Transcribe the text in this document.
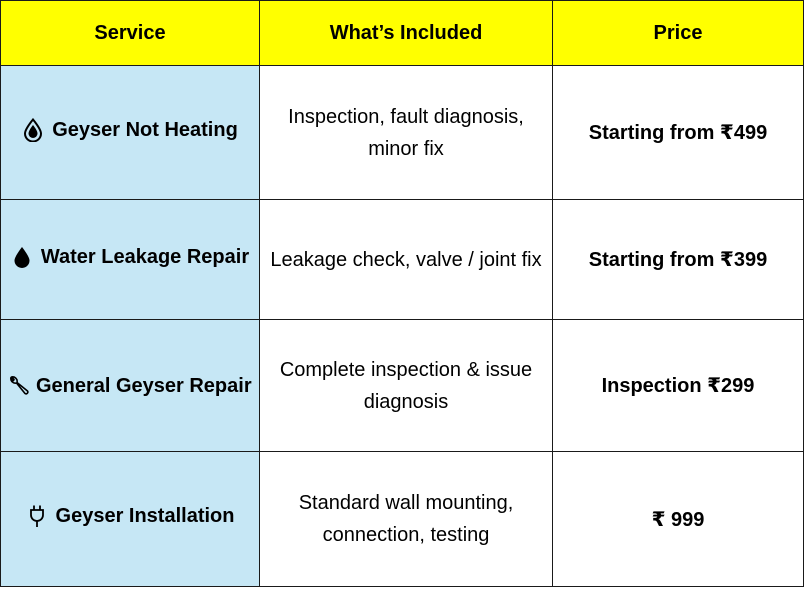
Service	What’s Included	Price

Geyser Not Heating	Inspection, fault diagnosis, minor fix	Starting from ₹499

Water Leakage Repair	Leakage check, valve / joint fix	Starting from ₹399

General Geyser Repair	Complete inspection & issue diagnosis	Inspection ₹299

Geyser Installation	Standard wall mounting, connection, testing	₹ 999
